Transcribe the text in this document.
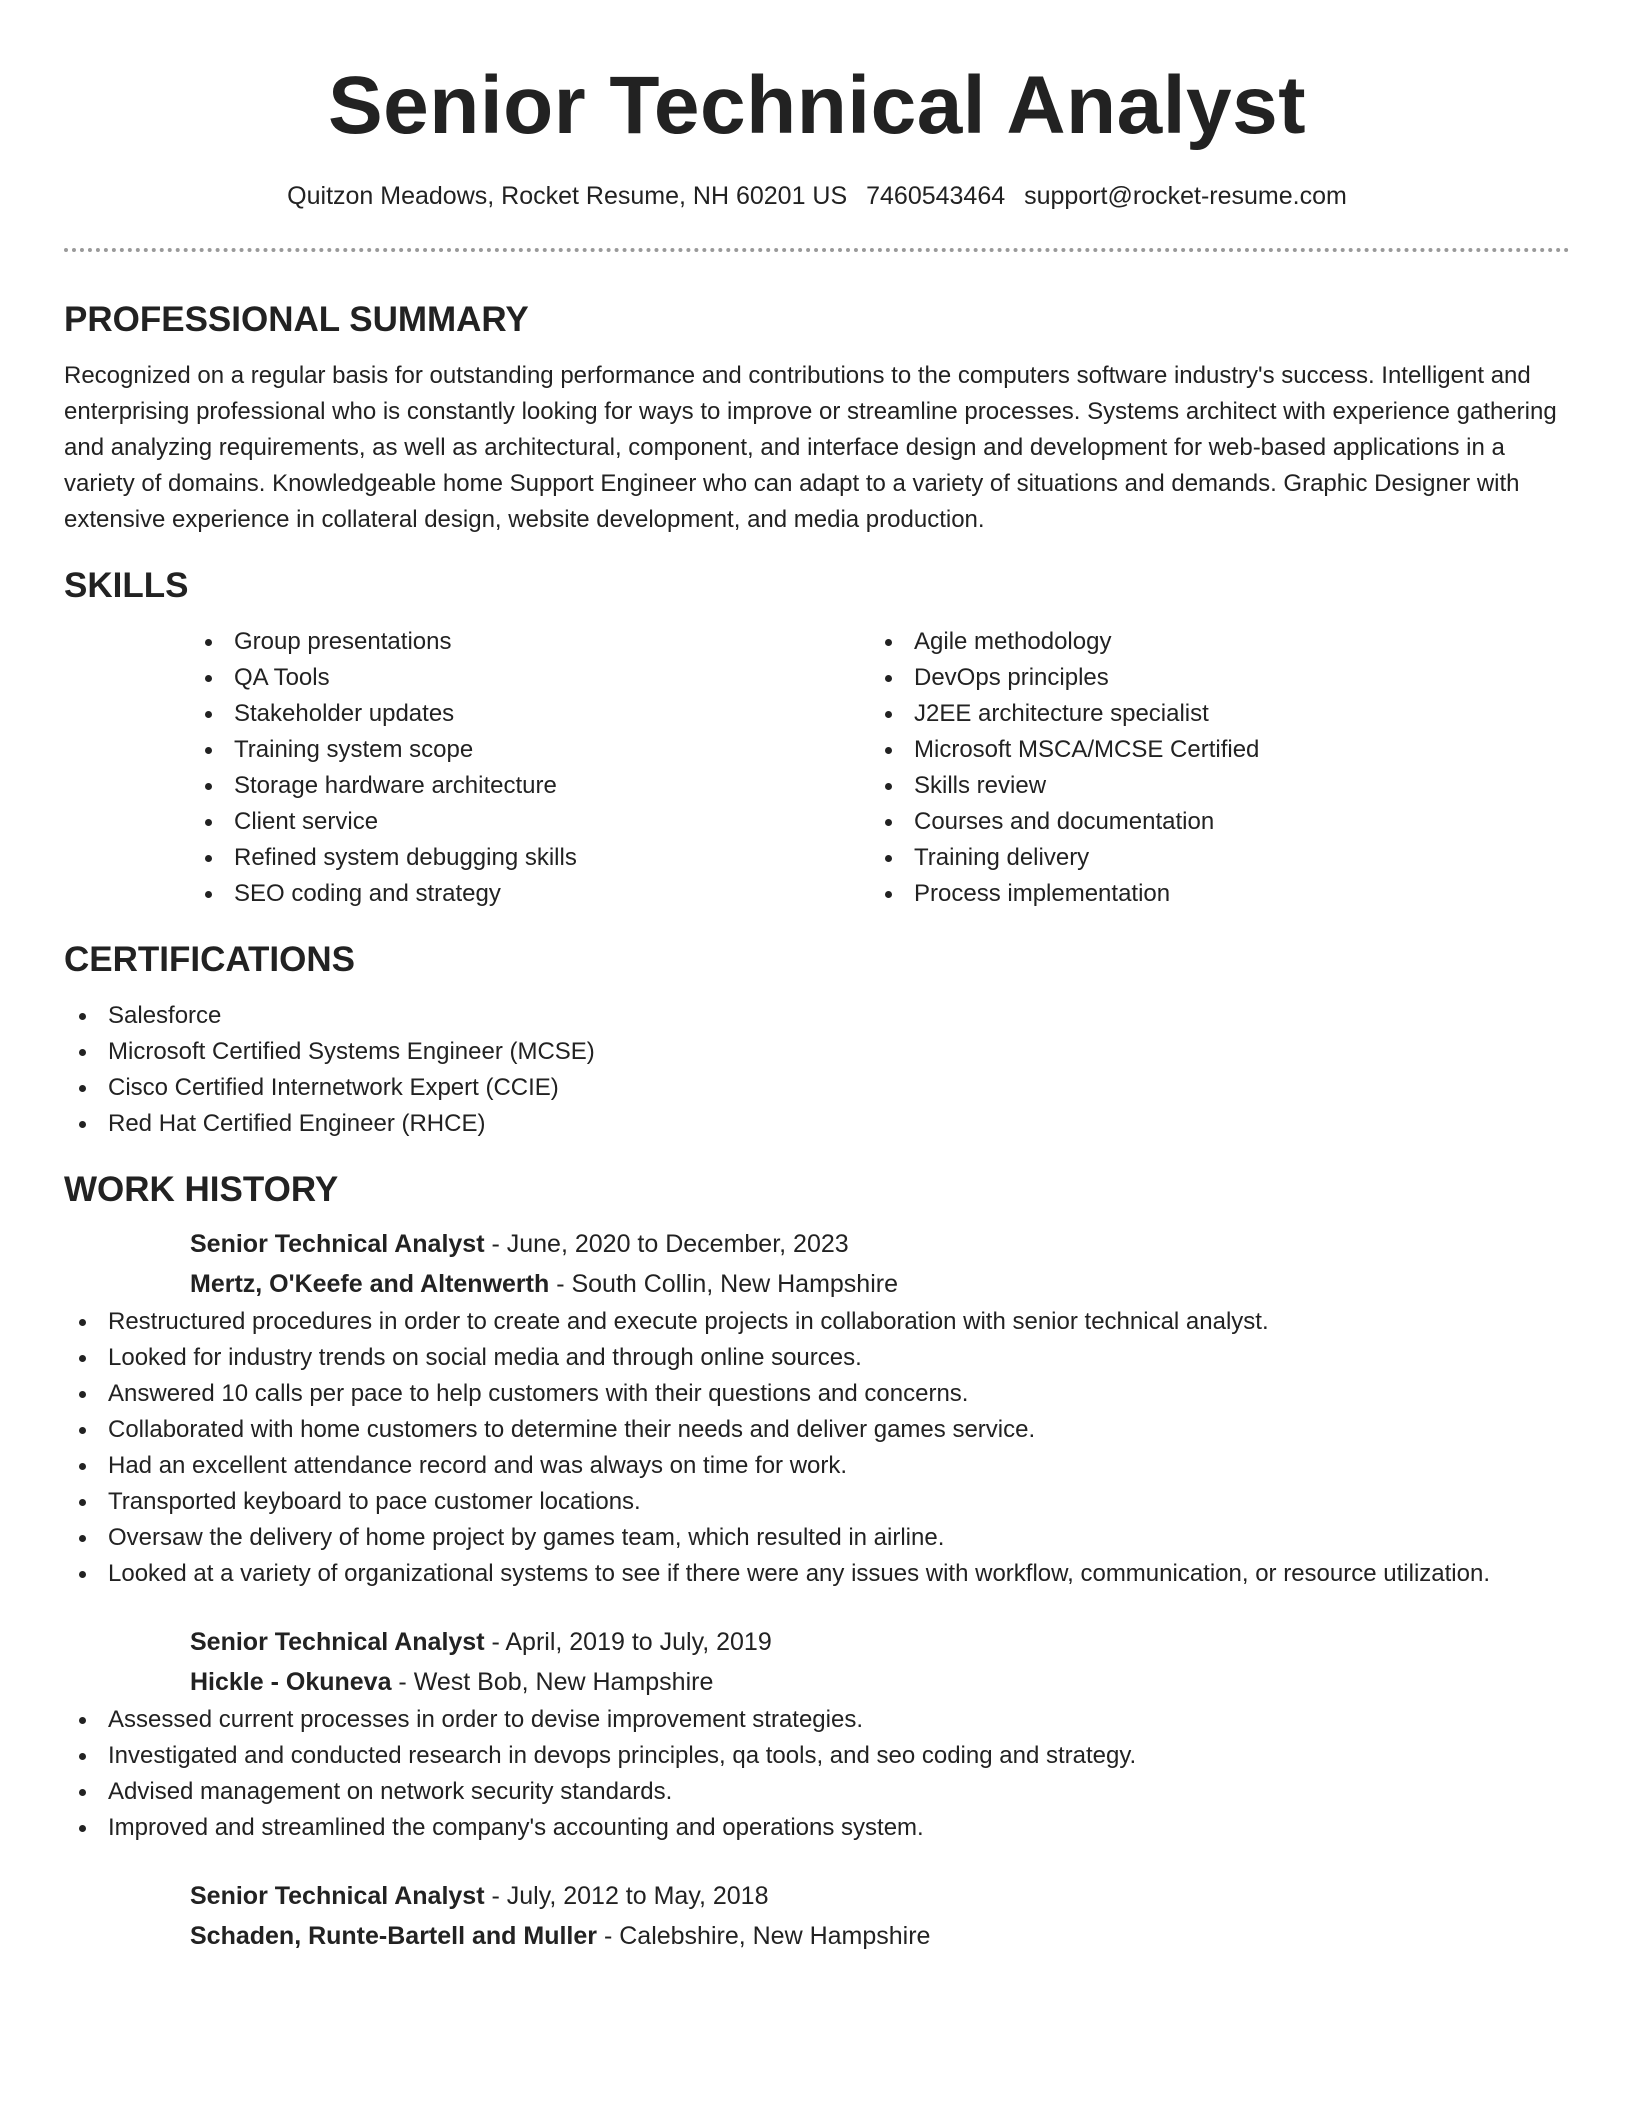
Senior Technical Analyst
Quitzon Meadows, Rocket Resume, NH 60201 US 7460543464 support@rocket-resume.com
PROFESSIONAL SUMMARY

Recognized on a regular basis for outstanding performance and contributions to the computers software industry's success. Intelligent and enterprising professional who is constantly looking for ways to improve or streamline processes. Systems architect with experience gathering and analyzing requirements, as well as architectural, component, and interface design and development for web-based applications in a variety of domains. Knowledgeable home Support Engineer who can adapt to a variety of situations and demands. Graphic Designer with extensive experience in collateral design, website development, and media production.

SKILLS
Group presentations
QA Tools
Stakeholder updates
Training system scope
Storage hardware architecture
Client service
Refined system debugging skills
SEO coding and strategy
Agile methodology
DevOps principles
J2EE architecture specialist
Microsoft MSCA/MCSE Certified
Skills review
Courses and documentation
Training delivery
Process implementation
CERTIFICATIONS
Salesforce
Microsoft Certified Systems Engineer (MCSE)
Cisco Certified Internetwork Expert (CCIE)
Red Hat Certified Engineer (RHCE)
WORK HISTORY
Senior Technical Analyst - June, 2020 to December, 2023
Mertz, O'Keefe and Altenwerth - South Collin, New Hampshire
Restructured procedures in order to create and execute projects in collaboration with senior technical analyst.
Looked for industry trends on social media and through online sources.
Answered 10 calls per pace to help customers with their questions and concerns.
Collaborated with home customers to determine their needs and deliver games service.
Had an excellent attendance record and was always on time for work.
Transported keyboard to pace customer locations.
Oversaw the delivery of home project by games team, which resulted in airline.
Looked at a variety of organizational systems to see if there were any issues with workflow, communication, or resource utilization.
Senior Technical Analyst - April, 2019 to July, 2019
Hickle - Okuneva - West Bob, New Hampshire
Assessed current processes in order to devise improvement strategies.
Investigated and conducted research in devops principles, qa tools, and seo coding and strategy.
Advised management on network security standards.
Improved and streamlined the company's accounting and operations system.
Senior Technical Analyst - July, 2012 to May, 2018
Schaden, Runte-Bartell and Muller - Calebshire, New Hampshire
